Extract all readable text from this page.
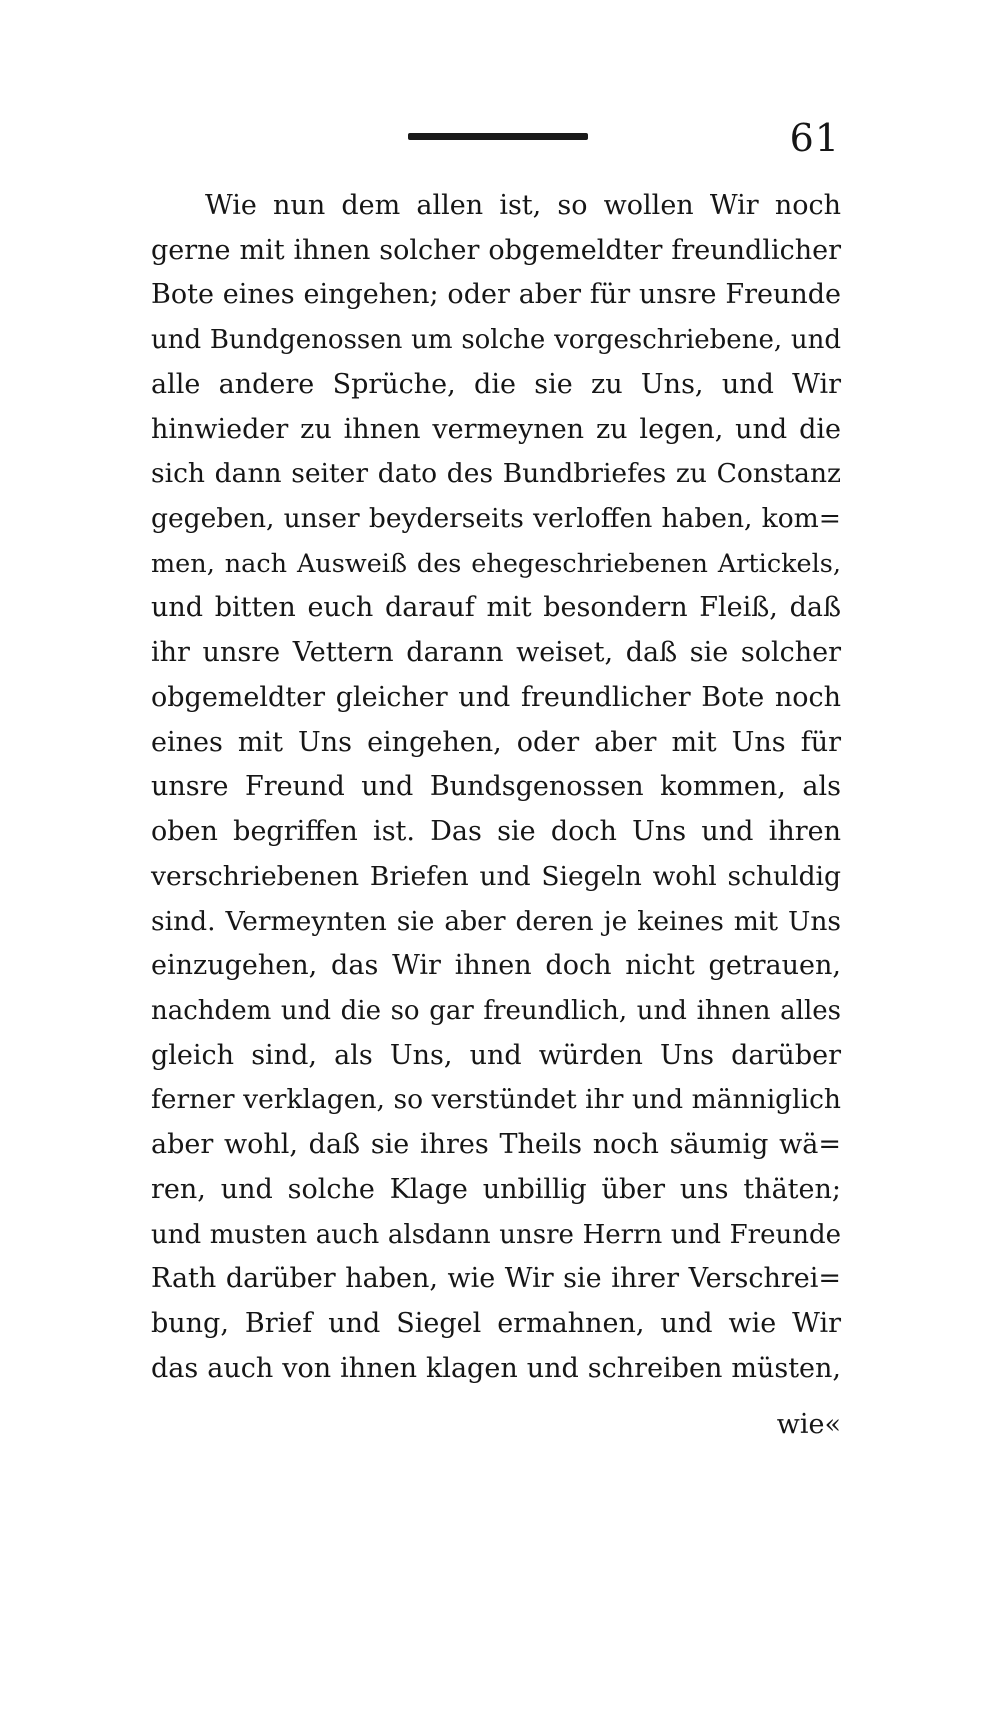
61
Wie nun dem allen ist, so wollen Wir noch
gerne mit ihnen solcher obgemeldter freundlicher
Bote eines eingehen; oder aber für unsre Freunde
und Bundgenossen um solche vorgeschriebene, und
alle andere Sprüche, die sie zu Uns, und Wir
hinwieder zu ihnen vermeynen zu legen, und die
sich dann seiter dato des Bundbriefes zu Constanz
gegeben, unser beyderseits verloffen haben, kom=
men, nach Ausweiß des ehegeschriebenen Artickels,
und bitten euch darauf mit besondern Fleiß, daß
ihr unsre Vettern darann weiset, daß sie solcher
obgemeldter gleicher und freundlicher Bote noch
eines mit Uns eingehen, oder aber mit Uns für
unsre Freund und Bundsgenossen kommen, als
oben begriffen ist. Das sie doch Uns und ihren
verschriebenen Briefen und Siegeln wohl schuldig
sind. Vermeynten sie aber deren je keines mit Uns
einzugehen, das Wir ihnen doch nicht getrauen,
nachdem und die so gar freundlich, und ihnen alles
gleich sind, als Uns, und würden Uns darüber
ferner verklagen, so verstündet ihr und männiglich
aber wohl, daß sie ihres Theils noch säumig wä=
ren, und solche Klage unbillig über uns thäten;
und musten auch alsdann unsre Herrn und Freunde
Rath darüber haben, wie Wir sie ihrer Verschrei=
bung, Brief und Siegel ermahnen, und wie Wir
das auch von ihnen klagen und schreiben müsten,
wie«
